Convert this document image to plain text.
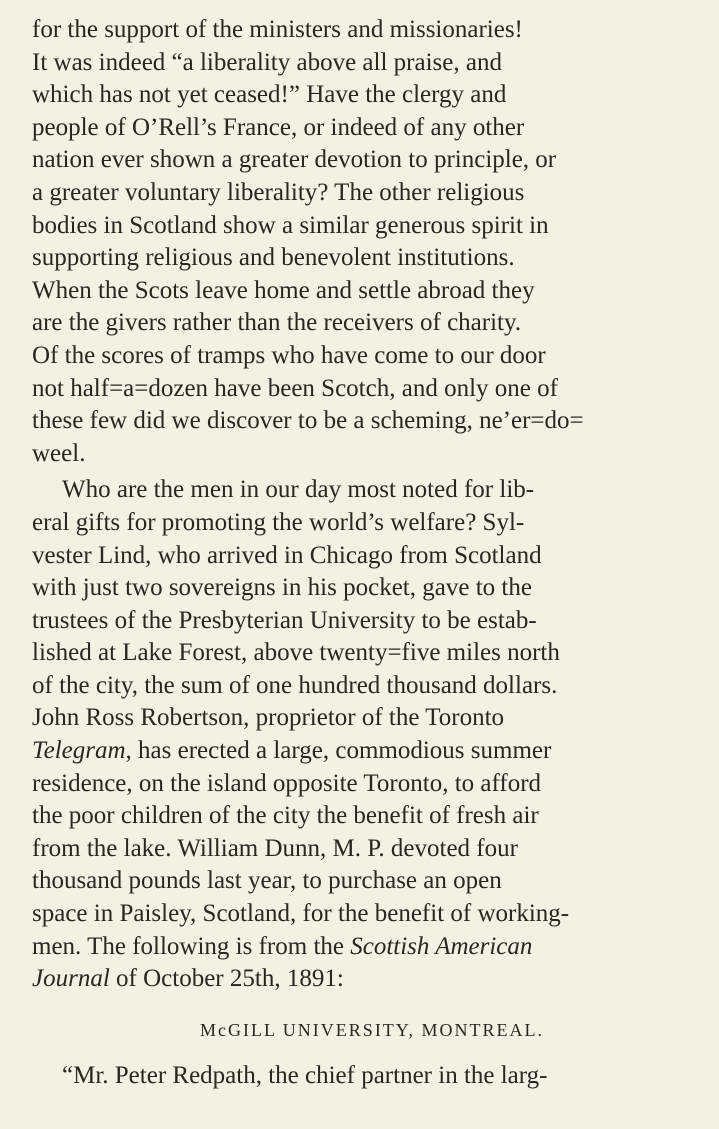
for the support of the ministers and missionaries!
It was indeed “a liberality above all praise, and
which has not yet ceased!” Have the clergy and
people of O’Rell’s France, or indeed of any other
nation ever shown a greater devotion to principle, or
a greater voluntary liberality? The other religious
bodies in Scotland show a similar generous spirit in
supporting religious and benevolent institutions.
When the Scots leave home and settle abroad they
are the givers rather than the receivers of charity.
Of the scores of tramps who have come to our door
not half=a=dozen have been Scotch, and only one of
these few did we discover to be a scheming, ne’er=do=
weel.
Who are the men in our day most noted for lib-
eral gifts for promoting the world’s welfare? Syl-
vester Lind, who arrived in Chicago from Scotland
with just two sovereigns in his pocket, gave to the
trustees of the Presbyterian University to be estab-
lished at Lake Forest, above twenty=five miles north
of the city, the sum of one hundred thousand dollars.
John Ross Robertson, proprietor of the Toronto
Telegram, has erected a large, commodious summer
residence, on the island opposite Toronto, to afford
the poor children of the city the benefit of fresh air
from the lake. William Dunn, M. P. devoted four
thousand pounds last year, to purchase an open
space in Paisley, Scotland, for the benefit of working-
men. The following is from the Scottish American
Journal of October 25th, 1891:
McGILL UNIVERSITY, MONTREAL.
“Mr. Peter Redpath, the chief partner in the larg-
